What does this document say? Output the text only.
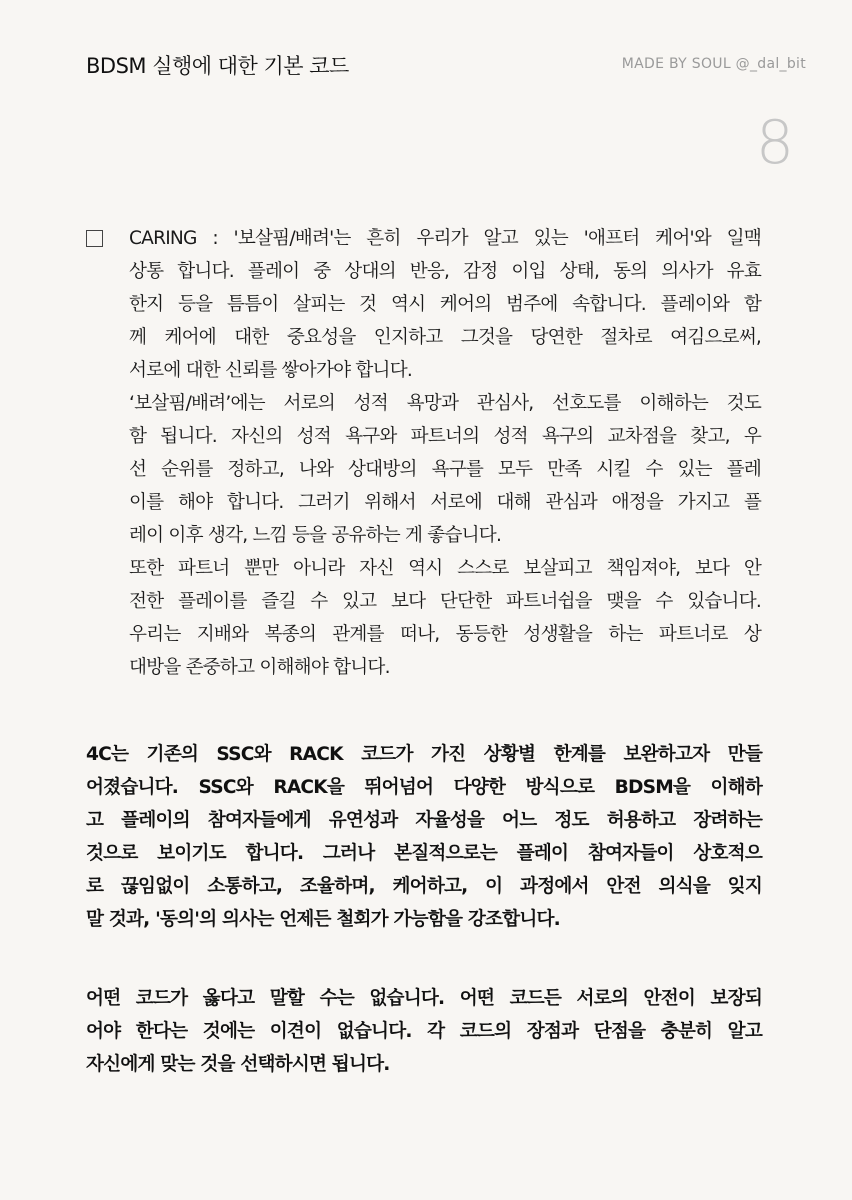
BDSM 실행에 대한 기본 코드	MADE BY SOUL @_dal_bit
8
CARING : '보살핌/배려'는 흔히 우리가 알고 있는 '애프터 케어'와 일맥
상통 합니다. 플레이 중 상대의 반응, 감정 이입 상태, 동의 의사가 유효
한지 등을 틈틈이 살피는 것 역시 케어의 범주에 속합니다. 플레이와 함
께 케어에 대한 중요성을 인지하고 그것을 당연한 절차로 여김으로써,
서로에 대한 신뢰를 쌓아가야 합니다.
‘보살핌/배려’에는 서로의 성적 욕망과 관심사, 선호도를 이해하는 것도
함 됩니다. 자신의 성적 욕구와 파트너의 성적 욕구의 교차점을 찾고, 우
선 순위를 정하고, 나와 상대방의 욕구를 모두 만족 시킬 수 있는 플레
이를 해야 합니다. 그러기 위해서 서로에 대해 관심과 애정을 가지고 플
레이 이후 생각, 느낌 등을 공유하는 게 좋습니다.
또한 파트너 뿐만 아니라 자신 역시 스스로 보살피고 책임져야, 보다 안
전한 플레이를 즐길 수 있고 보다 단단한 파트너쉽을 맺을 수 있습니다.
우리는 지배와 복종의 관계를 떠나, 동등한 성생활을 하는 파트너로 상
대방을 존중하고 이해해야 합니다.
4C는 기존의 SSC와 RACK 코드가 가진 상황별 한계를 보완하고자 만들
어졌습니다. SSC와 RACK을 뛰어넘어 다양한 방식으로 BDSM을 이해하
고 플레이의 참여자들에게 유연성과 자율성을 어느 정도 허용하고 장려하는
것으로 보이기도 합니다. 그러나 본질적으로는 플레이 참여자들이 상호적으
로 끊임없이 소통하고, 조율하며, 케어하고, 이 과정에서 안전 의식을 잊지
말 것과, '동의'의 의사는 언제든 철회가 가능함을 강조합니다.
어떤 코드가 옳다고 말할 수는 없습니다. 어떤 코드든 서로의 안전이 보장되
어야 한다는 것에는 이견이 없습니다. 각 코드의 장점과 단점을 충분히 알고
자신에게 맞는 것을 선택하시면 됩니다.
